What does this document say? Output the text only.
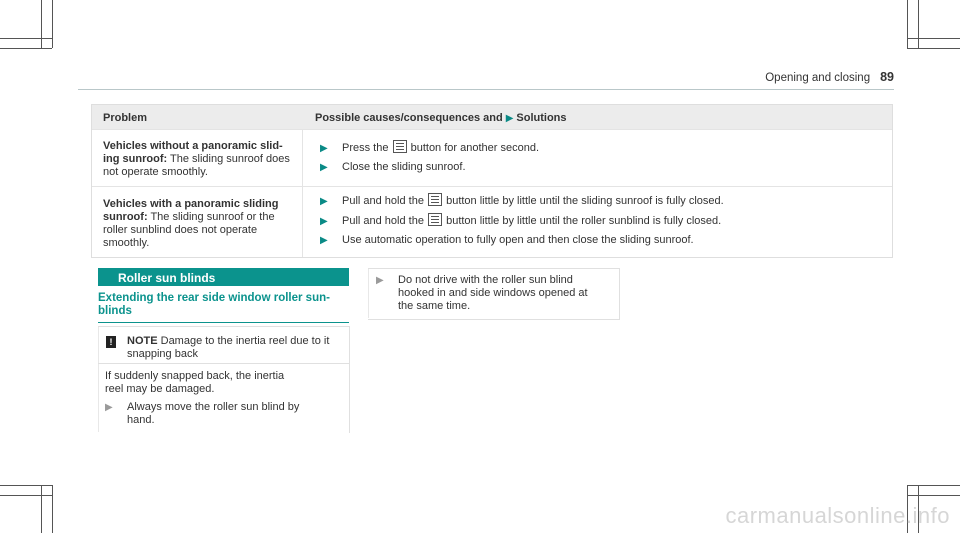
Opening and closing 89
Problem	Possible causes/consequences and ▶ Solutions
Vehicles without a panoramic slid- ing sunroof: The sliding sunroof does not operate smoothly.
▶ Press the button for another second.
▶ Close the sliding sunroof.
Vehicles with a panoramic sliding sunroof: The sliding sunroof or the roller sunblind does not operate smoothly.
▶ Pull and hold the button little by little until the sliding sunroof is fully closed.
▶ Pull and hold the button little by little until the roller sunblind is fully closed.
▶ Use automatic operation to fully open and then close the sliding sunroof.
Roller sun blinds
Extending the rear side window roller sun- blinds
!	NOTE Damage to the inertia reel due to it snapping back
If suddenly snapped back, the inertia reel may be damaged.
▶ Always move the roller sun blind by hand.
▶ Do not drive with the roller sun blind hooked in and side windows opened at the same time.
carmanualsonline.info
